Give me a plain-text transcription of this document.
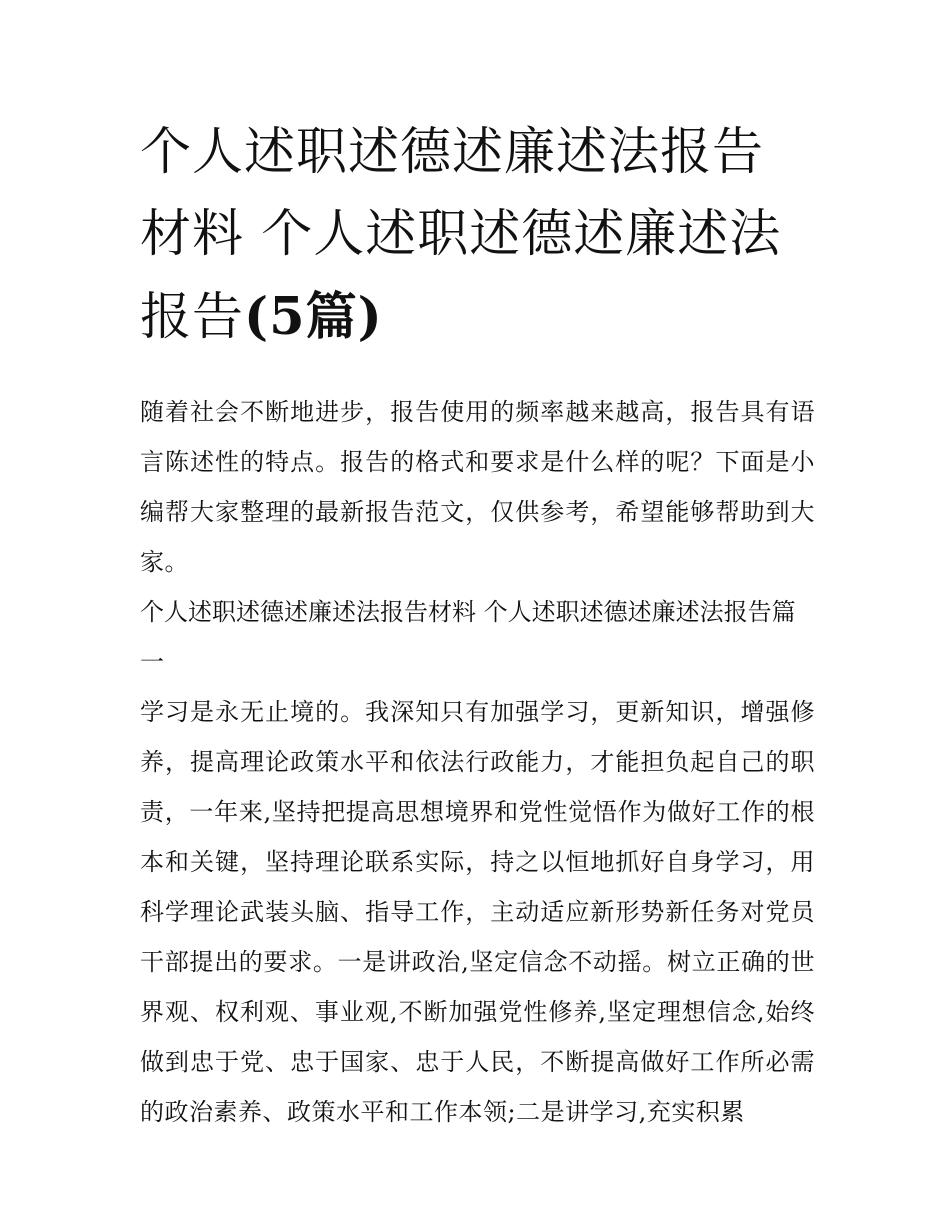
个人述职述德述廉述法报告材料 个人述职述德述廉述法报告(5篇)

随着社会不断地进步，报告使用的频率越来越高，报告具有语言陈述性的特点。报告的格式和要求是什么样的呢？下面是小编帮大家整理的最新报告范文，仅供参考，希望能够帮助到大家。

个人述职述德述廉述法报告材料 个人述职述德述廉述法报告篇一

学习是永无止境的。我深知只有加强学习，更新知识，增强修养，提高理论政策水平和依法行政能力，才能担负起自己的职责，一年来,坚持把提高思想境界和党性觉悟作为做好工作的根本和关键，坚持理论联系实际，持之以恒地抓好自身学习，用科学理论武装头脑、指导工作，主动适应新形势新任务对党员干部提出的要求。一是讲政治,坚定信念不动摇。树立正确的世界观、权利观、事业观,不断加强党性修养,坚定理想信念,始终做到忠于党、忠于国家、忠于人民，不断提高做好工作所必需的政治素养、政策水平和工作本领;二是讲学习,充实积累
